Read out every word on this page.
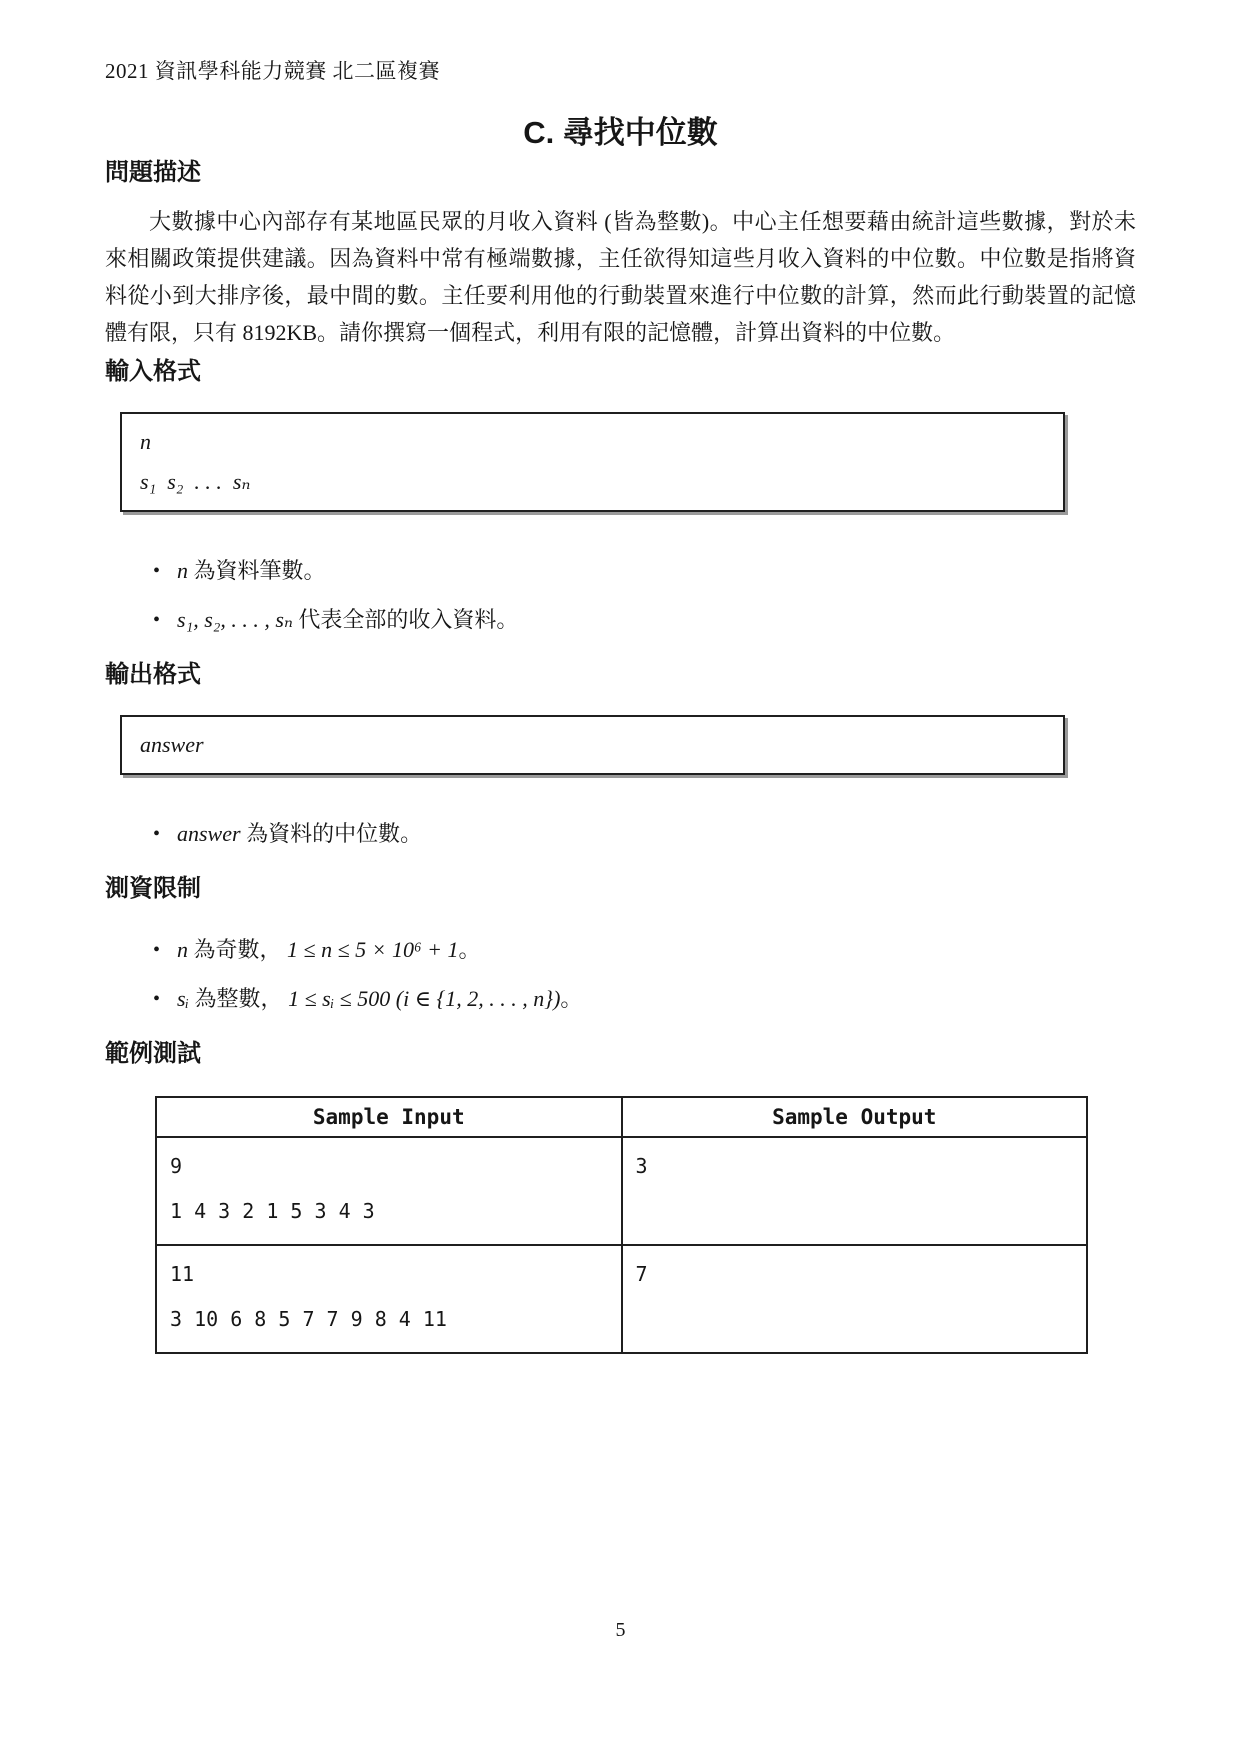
2021 資訊學科能力競賽 北二區複賽
C. 尋找中位數
問題描述
大數據中心內部存有某地區民眾的月收入資料 (皆為整數)。中心主任想要藉由統計這些數據，對於未來相關政策提供建議。因為資料中常有極端數據，主任欲得知這些月收入資料的中位數。中位數是指將資料從小到大排序後，最中間的數。主任要利用他的行動裝置來進行中位數的計算，然而此行動裝置的記憶體有限，只有 8192KB。請你撰寫一個程式，利用有限的記憶體，計算出資料的中位數。
輸入格式
n
s₁  s₂  . . .  sₙ
• n 為資料筆數。
• s₁, s₂, . . . , sₙ 代表全部的收入資料。
輸出格式
answer
• answer 為資料的中位數。
測資限制
• n 為奇數， 1 ≤ n ≤ 5 × 10⁶ + 1。
• sᵢ 為整數， 1 ≤ sᵢ ≤ 500 (i ∈ {1, 2, . . . , n})。
範例測試
Sample Input	Sample Output

9
1 4 3 2 1 5 3 4 3	3

11
3 10 6 8 5 7 7 9 8 4 11	7
5
